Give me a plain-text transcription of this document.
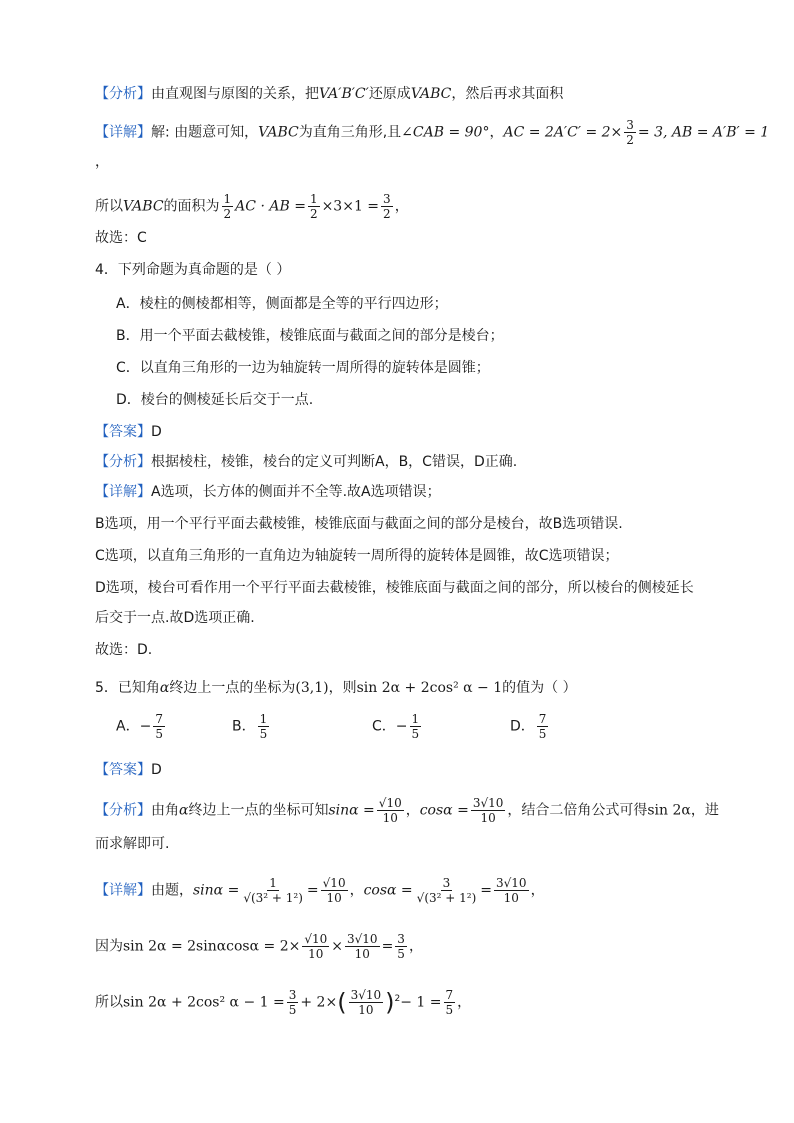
【分析】由直观图与原图的关系，把VA′B′C′还原成VABC，然后再求其面积
【详解】解: 由题意可知，VABC为直角三角形,且∠CAB = 90°，AC = $2A'C' = 2\times \frac{3}{2} = 3$, AB = A′B′ = 1
，
所以VABC的面积为 $\frac{1}{2}$ AC · AB = $\frac{1}{2} \times 3\times 1 = \frac{3}{2}$ ，
故选：C
4．下列命题为真命题的是（ ）
A．棱柱的侧棱都相等，侧面都是全等的平行四边形；
B．用一个平面去截棱锥，棱锥底面与截面之间的部分是棱台；
C．以直角三角形的一边为轴旋转一周所得的旋转体是圆锥；
D．棱台的侧棱延长后交于一点.
【答案】D
【分析】根据棱柱，棱锥，棱台的定义可判断A，B，C错误，D正确.
【详解】A选项，长方体的侧面并不全等.故A选项错误；
B选项，用一个平行平面去截棱锥，棱锥底面与截面之间的部分是棱台，故B选项错误.
C选项，以直角三角形的一直角边为轴旋转一周所得的旋转体是圆锥，故C选项错误；
D选项，棱台可看作用一个平行平面去截棱锥，棱锥底面与截面之间的部分，所以棱台的侧棱延长
后交于一点.故D选项正确.
故选：D.
5．已知角α终边上一点的坐标为(3,1)，则sin 2α + 2cos² α − 1的值为（ ）
A．− $\frac{7}{5}$	B． $\frac{1}{5}$	C．− $\frac{1}{5}$	D． $\frac{7}{5}$
【答案】D
【分析】由角α终边上一点的坐标可知$\sin\alpha = \frac{√10}{10}$ ，$\cos\alpha = \frac{3√10}{10}$ ，结合二倍角公式可得sin 2α，进
而求解即可.
【详解】由题，$\sin\alpha = \frac{1}{\text{√(3² + 1²)}} = \frac{√10}{10}$ ，$\cos\alpha = \frac{3}{\text{√(3² + 1²)}} = \frac{3√10}{10}$ ，
因为$\sin 2\alpha = 2\sin\alpha\cos\alpha = 2\times \frac{√10}{10} \times \frac{3√10}{10} = \frac{3}{5}$ ，
所以sin 2α + 2cos² $\alpha - 1 = \frac{3}{5} + 2\times( \frac{3√10}{10} )^2- 1 = \frac{7}{5}$ ，
